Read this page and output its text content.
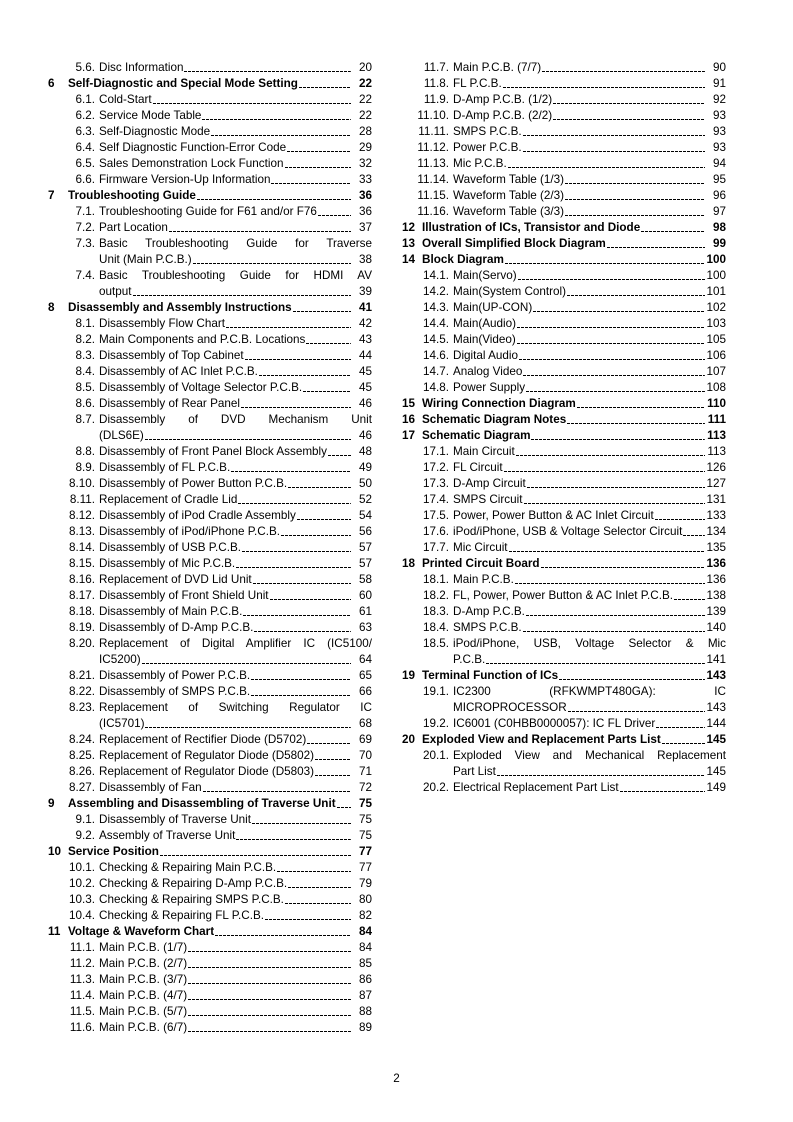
5.6. Disc Information	20
6	Self-Diagnostic and Special Mode Setting	22
6.1. Cold-Start	22
6.2. Service Mode Table	22
6.3. Self-Diagnostic Mode	28
6.4. Self Diagnostic Function-Error Code	29
6.5. Sales Demonstration Lock Function	32
6.6. Firmware Version-Up Information	33
7	Troubleshooting Guide	36
7.1. Troubleshooting Guide for F61 and/or F76	36
7.2. Part Location	37
7.3. Basic Troubleshooting Guide for Traverse
Unit (Main P.C.B.)	38
7.4. Basic Troubleshooting Guide for HDMI AV
output	39
8	Disassembly and Assembly Instructions	41
8.1. Disassembly Flow Chart	42
8.2. Main Components and P.C.B. Locations	43
8.3. Disassembly of Top Cabinet	44
8.4. Disassembly of AC Inlet P.C.B.	45
8.5. Disassembly of Voltage Selector P.C.B.	45
8.6. Disassembly of Rear Panel	46
8.7. Disassembly of DVD Mechanism Unit
(DLS6E)	46
8.8. Disassembly of Front Panel Block Assembly	48
8.9. Disassembly of FL P.C.B.	49
8.10. Disassembly of Power Button P.C.B.	50
8.11. Replacement of Cradle Lid	52
8.12. Disassembly of iPod Cradle Assembly	54
8.13. Disassembly of iPod/iPhone P.C.B.	56
8.14. Disassembly of USB P.C.B.	57
8.15. Disassembly of Mic P.C.B.	57
8.16. Replacement of DVD Lid Unit	58
8.17. Disassembly of Front Shield Unit	60
8.18. Disassembly of Main P.C.B.	61
8.19. Disassembly of D-Amp P.C.B.	63
8.20. Replacement of Digital Amplifier IC (IC5100/
IC5200)	64
8.21. Disassembly of Power P.C.B.	65
8.22. Disassembly of SMPS P.C.B.	66
8.23. Replacement of Switching Regulator IC
(IC5701)	68
8.24. Replacement of Rectifier Diode (D5702)	69
8.25. Replacement of Regulator Diode (D5802)	70
8.26. Replacement of Regulator Diode (D5803)	71
8.27. Disassembly of Fan	72
9	Assembling and Disassembling of Traverse Unit	75
9.1. Disassembly of Traverse Unit	75
9.2. Assembly of Traverse Unit	75
10 Service Position	77
10.1. Checking & Repairing Main P.C.B.	77
10.2. Checking & Repairing D-Amp P.C.B.	79
10.3. Checking & Repairing SMPS P.C.B.	80
10.4. Checking & Repairing FL P.C.B.	82
11 Voltage & Waveform Chart	84
11.1. Main P.C.B. (1/7)	84
11.2. Main P.C.B. (2/7)	85
11.3. Main P.C.B. (3/7)	86
11.4. Main P.C.B. (4/7)	87
11.5. Main P.C.B. (5/7)	88
11.6. Main P.C.B. (6/7)	89
11.7. Main P.C.B. (7/7)	90
11.8. FL P.C.B.	91
11.9. D-Amp P.C.B. (1/2)	92
11.10. D-Amp P.C.B. (2/2)	93
11.11. SMPS P.C.B.	93
11.12. Power P.C.B.	93
11.13. Mic P.C.B.	94
11.14. Waveform Table (1/3)	95
11.15. Waveform Table (2/3)	96
11.16. Waveform Table (3/3)	97
12 Illustration of ICs, Transistor and Diode	98
13 Overall Simplified Block Diagram	99
14 Block Diagram	100
14.1. Main(Servo)	100
14.2. Main(System Control)	101
14.3. Main(UP-CON)	102
14.4. Main(Audio)	103
14.5. Main(Video)	105
14.6. Digital Audio	106
14.7. Analog Video	107
14.8. Power Supply	108
15 Wiring Connection Diagram	110
16 Schematic Diagram Notes	111
17 Schematic Diagram	113
17.1. Main Circuit	113
17.2. FL Circuit	126
17.3. D-Amp Circuit	127
17.4. SMPS Circuit	131
17.5. Power, Power Button & AC Inlet Circuit	133
17.6. iPod/iPhone, USB & Voltage Selector Circuit 134
17.7. Mic Circuit	135
18 Printed Circuit Board	136
18.1. Main P.C.B.	136
18.2. FL, Power, Power Button & AC Inlet P.C.B.	138
18.3. D-Amp P.C.B.	139
18.4. SMPS P.C.B.	140
18.5. iPod/iPhone, USB, Voltage Selector & Mic
P.C.B.	141
19 Terminal Function of ICs	143
19.1. IC2300 (RFKWMPT480GA): IC
MICROPROCESSOR	143
19.2. IC6001 (C0HBB0000057): IC FL Driver	144
20 Exploded View and Replacement Parts List	145
20.1. Exploded View and Mechanical Replacement
Part List	145
20.2. Electrical Replacement Part List	149
2
